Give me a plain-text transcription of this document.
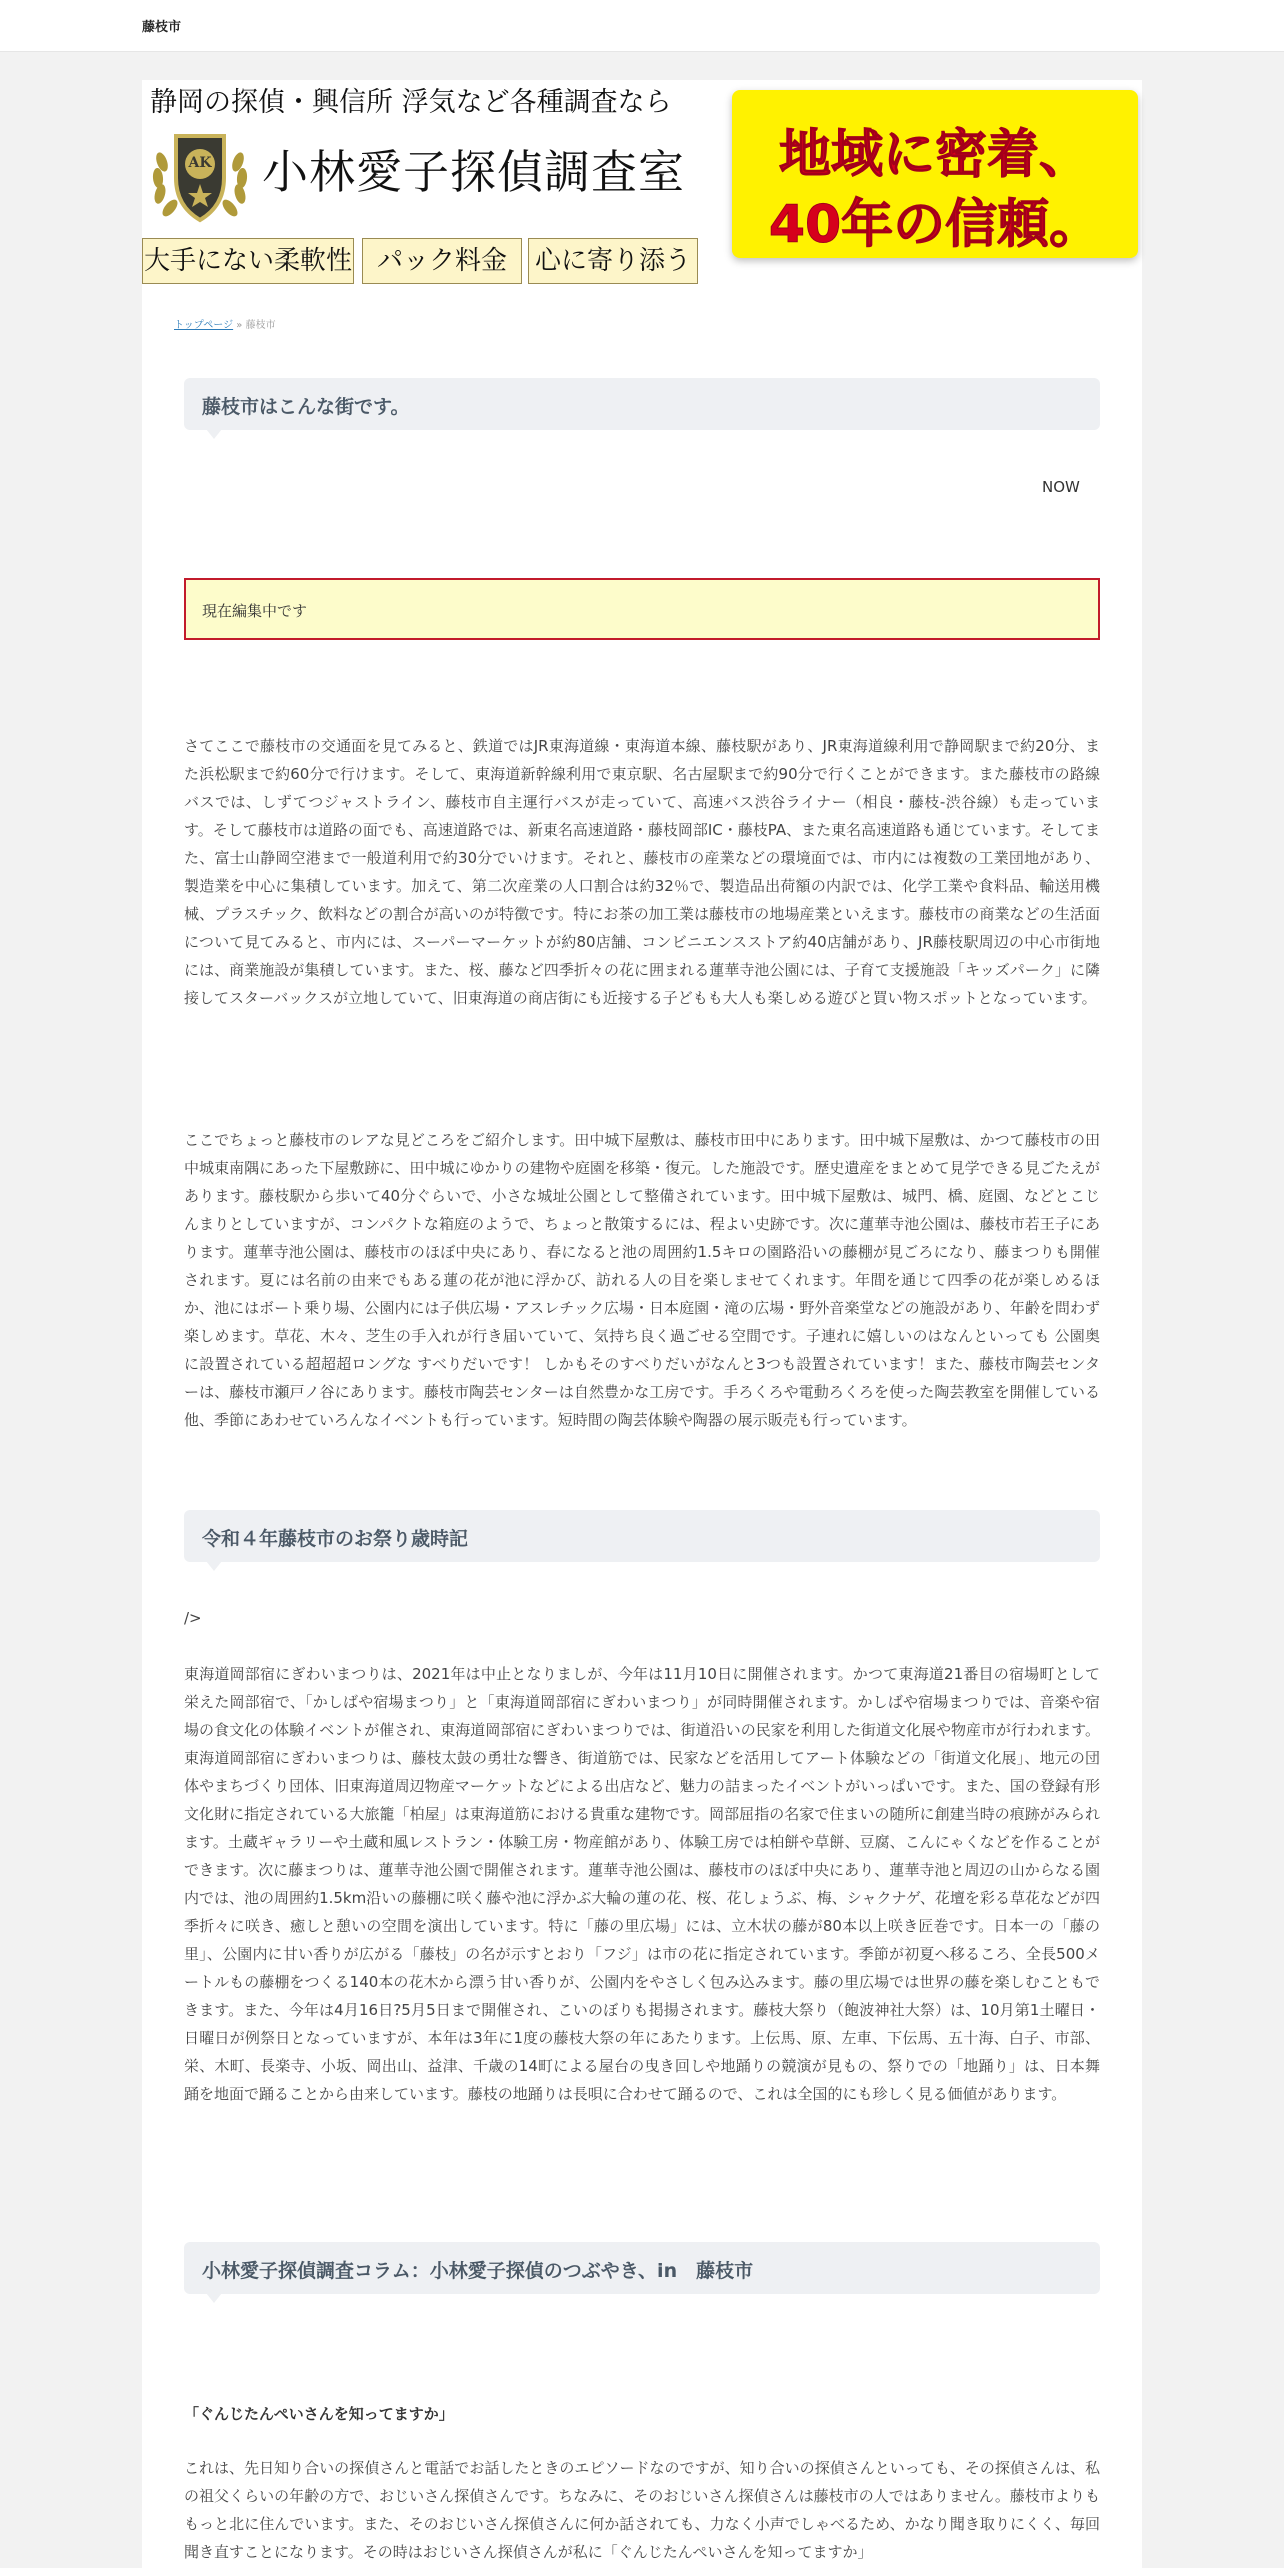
藤枝市
静岡の探偵・興信所 浮気など各種調査なら
AK 小林愛子探偵調査室	地域に密着、
40年の信頼。
大手にない柔軟性 パック料金	心に寄り添う
トップページ » 藤枝市
藤枝市はこんな街です。
NOW
現在編集中です

さてここで藤枝市の交通面を見てみると、鉄道ではJR東海道線・東海道本線、藤枝駅があり、JR東海道線利用で静岡駅まで約20分、また浜松駅まで約60分で行けます。そして、東海道新幹線利用で東京駅、名古屋駅まで約90分で行くことができます。また藤枝市の路線バスでは、しずてつジャストライン、藤枝市自主運行バスが走っていて、高速バス渋谷ライナー（相良・藤枝-渋谷線）も走っています。そして藤枝市は道路の面でも、高速道路では、新東名高速道路・藤枝岡部IC・藤枝PA、また東名高速道路も通じています。そしてまた、富士山静岡空港まで一般道利用で約30分でいけます。それと、藤枝市の産業などの環境面では、市内には複数の工業団地があり、製造業を中心に集積しています。加えて、第二次産業の人口割合は約32％で、製造品出荷額の内訳では、化学工業や食料品、輸送用機械、プラスチック、飲料などの割合が高いのが特徴です。特にお茶の加工業は藤枝市の地場産業といえます。藤枝市の商業などの生活面について見てみると、市内には、スーパーマーケットが約80店舗、コンビニエンスストア約40店舗があり、JR藤枝駅周辺の中心市街地には、商業施設が集積しています。また、桜、藤など四季折々の花に囲まれる蓮華寺池公園には、子育て支援施設「キッズパーク」に隣接してスターバックスが立地していて、旧東海道の商店街にも近接する子どもも大人も楽しめる遊びと買い物スポットとなっています。

ここでちょっと藤枝市のレアな見どころをご紹介します。田中城下屋敷は、藤枝市田中にあります。田中城下屋敷は、かつて藤枝市の田中城東南隅にあった下屋敷跡に、田中城にゆかりの建物や庭園を移築・復元。した施設です。歴史遺産をまとめて見学できる見ごたえがあります。藤枝駅から歩いて40分ぐらいで、小さな城址公園として整備されています。田中城下屋敷は、城門、橋、庭園、などとこじんまりとしていますが、コンパクトな箱庭のようで、ちょっと散策するには、程よい史跡です。次に蓮華寺池公園は、藤枝市若王子にあります。蓮華寺池公園は、藤枝市のほぼ中央にあり、春になると池の周囲約1.5キロの園路沿いの藤棚が見ごろになり、藤まつりも開催されます。夏には名前の由来でもある蓮の花が池に浮かび、訪れる人の目を楽しませてくれます。年間を通じて四季の花が楽しめるほか、池にはボート乗り場、公園内には子供広場・アスレチック広場・日本庭園・滝の広場・野外音楽堂などの施設があり、年齢を問わず楽しめます。草花、木々、芝生の手入れが行き届いていて、気持ち良く過ごせる空間です。子連れに嬉しいのはなんといっても 公園奥に設置されている超超超ロングな すべりだいです！ しかもそのすべりだいがなんと3つも設置されています！また、藤枝市陶芸センターは、藤枝市瀬戸ノ谷にあります。藤枝市陶芸センターは自然豊かな工房です。手ろくろや電動ろくろを使った陶芸教室を開催している他、季節にあわせていろんなイベントも行っています。短時間の陶芸体験や陶器の展示販売も行っています。

令和４年藤枝市のお祭り歳時記

/>

東海道岡部宿にぎわいまつりは、2021年は中止となりましが、今年は11月10日に開催されます。かつて東海道21番目の宿場町として栄えた岡部宿で、「かしばや宿場まつり」と「東海道岡部宿にぎわいまつり」が同時開催されます。かしばや宿場まつりでは、音楽や宿場の食文化の体験イベントが催され、東海道岡部宿にぎわいまつりでは、街道沿いの民家を利用した街道文化展や物産市が行われます。東海道岡部宿にぎわいまつりは、藤枝太鼓の勇壮な響き、街道筋では、民家などを活用してアート体験などの「街道文化展」、地元の団体やまちづくり団体、旧東海道周辺物産マーケットなどによる出店など、魅力の詰まったイベントがいっぱいです。また、国の登録有形文化財に指定されている大旅籠「柏屋」は東海道筋における貴重な建物です。岡部屈指の名家で住まいの随所に創建当時の痕跡がみられます。土蔵ギャラリーや土蔵和風レストラン・体験工房・物産館があり、体験工房では柏餅や草餅、豆腐、こんにゃくなどを作ることができます。次に藤まつりは、蓮華寺池公園で開催されます。蓮華寺池公園は、藤枝市のほぼ中央にあり、蓮華寺池と周辺の山からなる園内では、池の周囲約1.5km沿いの藤棚に咲く藤や池に浮かぶ大輪の蓮の花、桜、花しょうぶ、梅、シャクナゲ、花壇を彩る草花などが四季折々に咲き、癒しと憩いの空間を演出しています。特に「藤の里広場」には、立木状の藤が80本以上咲き匠巻です。日本一の「藤の里」、公園内に甘い香りが広がる「藤枝」の名が示すとおり「フジ」は市の花に指定されています。季節が初夏へ移るころ、全長500メートルもの藤棚をつくる140本の花木から漂う甘い香りが、公園内をやさしく包み込みます。藤の里広場では世界の藤を楽しむこともできます。また、今年は4月16日?5月5日まで開催され、こいのぼりも掲揚されます。藤枝大祭り（飽波神社大祭）は、10月第1土曜日・日曜日が例祭日となっていますが、本年は3年に1度の藤枝大祭の年にあたります。上伝馬、原、左車、下伝馬、五十海、白子、市部、栄、木町、長楽寺、小坂、岡出山、益津、千歳の14町による屋台の曳き回しや地踊りの競演が見もの、祭りでの「地踊り」は、日本舞踊を地面で踊ることから由来しています。藤枝の地踊りは長唄に合わせて踊るので、これは全国的にも珍しく見る価値があります。

小林愛子探偵調査コラム：小林愛子探偵のつぶやき、in　藤枝市

「ぐんじたんぺいさんを知ってますか」

これは、先日知り合いの探偵さんと電話でお話したときのエピソードなのですが、知り合いの探偵さんといっても、その探偵さんは、私の祖父くらいの年齢の方で、おじいさん探偵さんです。ちなみに、そのおじいさん探偵さんは藤枝市の人ではありません。藤枝市よりももっと北に住んでいます。また、そのおじいさん探偵さんに何か話されても、力なく小声でしゃべるため、かなり聞き取りにくく、毎回聞き直すことになります。その時はおじいさん探偵さんが私に「ぐんじたんぺいさんを知ってますか」
